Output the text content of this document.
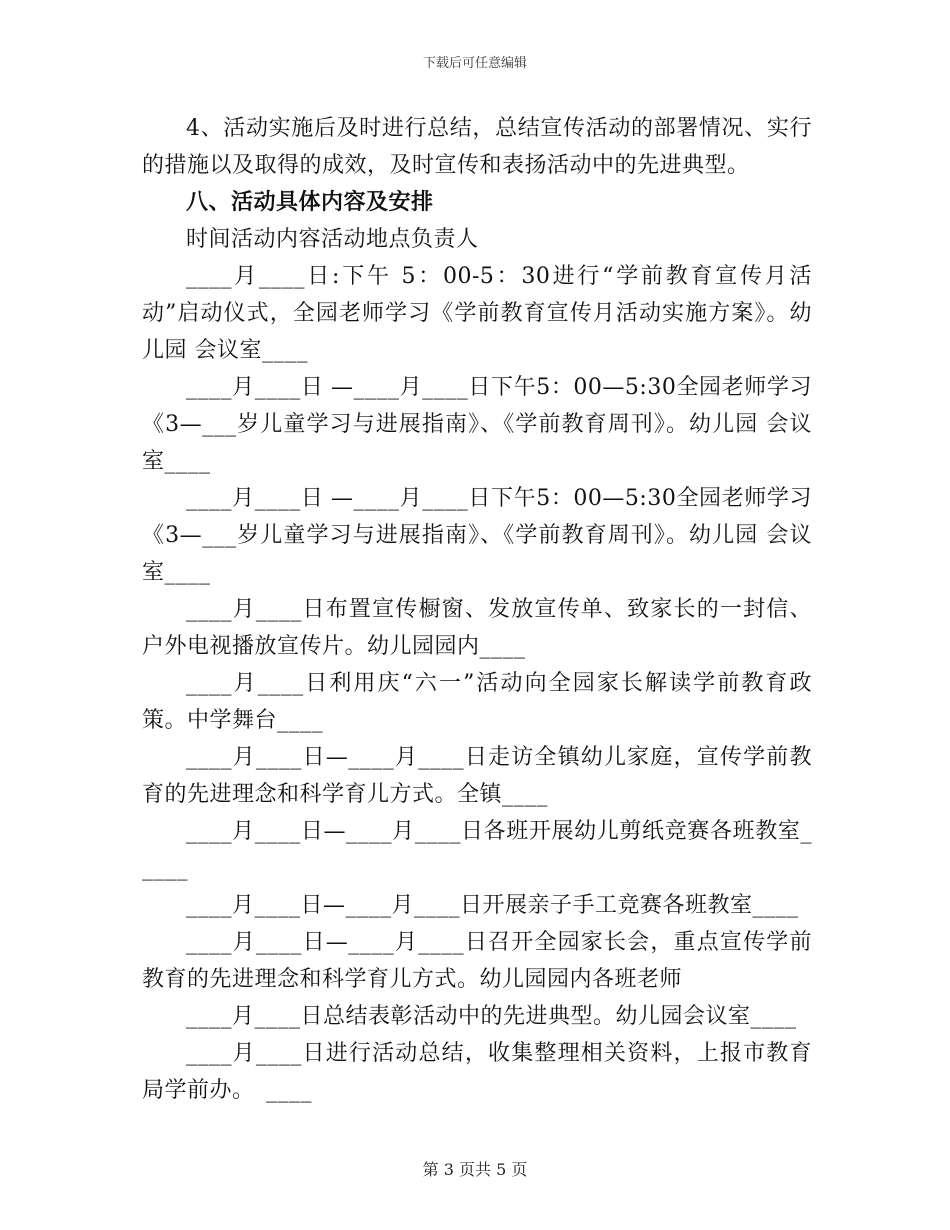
下载后可任意编辑

4、活动实施后及时进行总结，总结宣传活动的部署情况、实行的措施以及取得的成效，及时宣传和表扬活动中的先进典型。

八、活动具体内容及安排

时间活动内容活动地点负责人

____月____日:下午 5：00-5：30进行“学前教育宣传月活动”启动仪式，全园老师学习《学前教育宣传月活动实施方案》。幼儿园 会议室____

____月____日 —____月____日下午5：00—5:30全园老师学习《3—___岁儿童学习与进展指南》、《学前教育周刊》。幼儿园 会议室____

____月____日 —____月____日下午5：00—5:30全园老师学习《3—___岁儿童学习与进展指南》、《学前教育周刊》。幼儿园 会议室____

____月____日布置宣传橱窗、发放宣传单、致家长的一封信、户外电视播放宣传片。幼儿园园内____

____月____日利用庆“六一”活动向全园家长解读学前教育政策。中学舞台____

____月____日—____月____日走访全镇幼儿家庭，宣传学前教育的先进理念和科学育儿方式。全镇____

____月____日—____月____日各班开展幼儿剪纸竞赛各班教室_____

____月____日—____月____日开展亲子手工竞赛各班教室____

____月____日—____月____日召开全园家长会，重点宣传学前教育的先进理念和科学育儿方式。幼儿园园内各班老师

____月____日总结表彰活动中的先进典型。幼儿园会议室____

____月____日进行活动总结，收集整理相关资料，上报市教育局学前办。　____

第 3 页共 5 页
